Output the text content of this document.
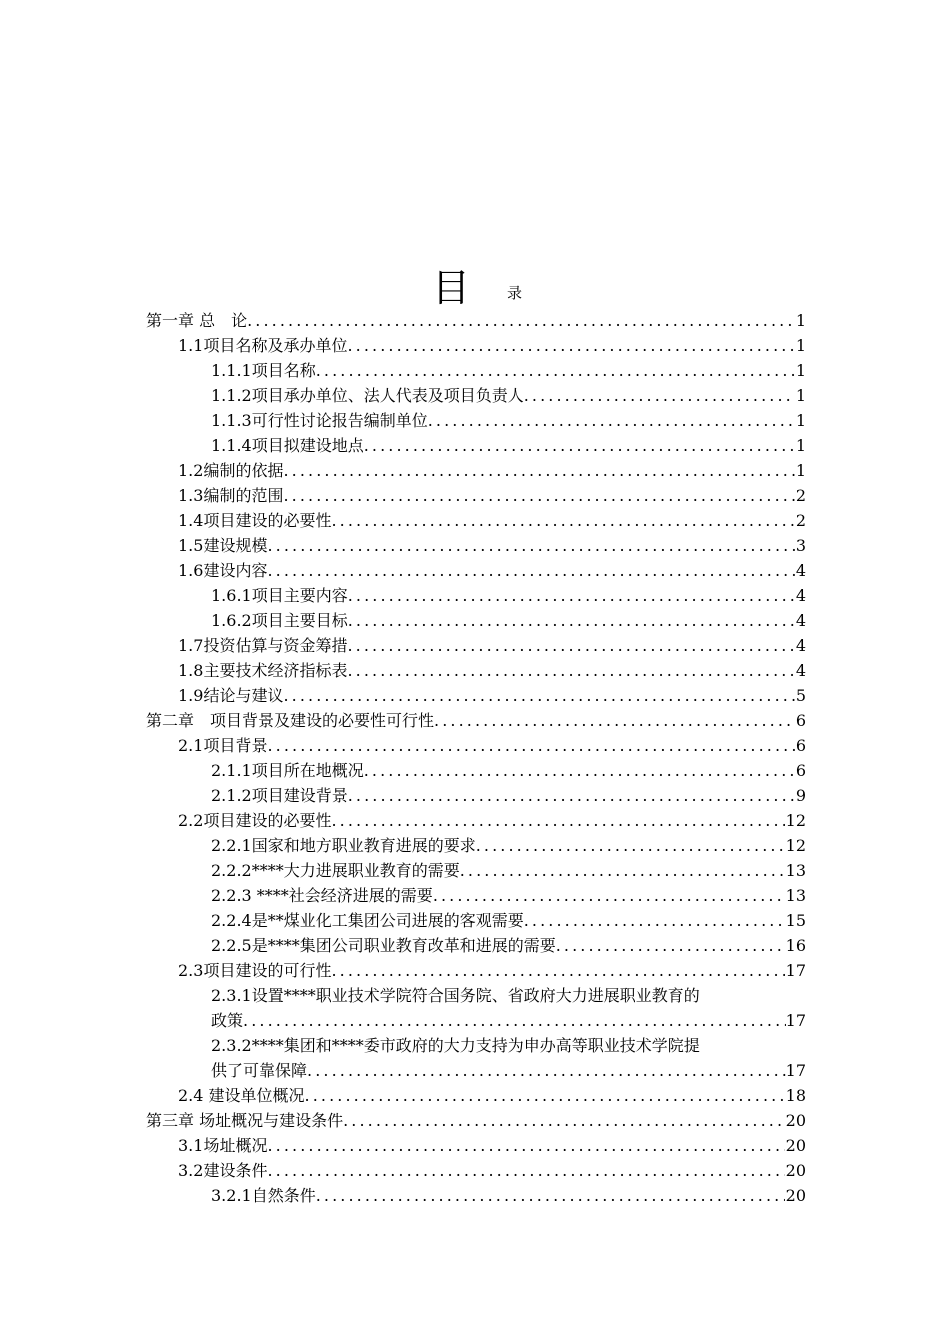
目 录
第一章 总　论 .....	1
1.1项目名称及承办单位 .....	1
1.1.1项目名称 .....	1
1.1.2项目承办单位、法人代表及项目负责人 .....	1
1.1.3可行性讨论报告编制单位 .....	1
1.1.4项目拟建设地点 .....	1
1.2编制的依据 .....	1
1.3编制的范围 .....	2
1.4项目建设的必要性 .....	2
1.5建设规模 .....	3
1.6建设内容 .....	4
1.6.1项目主要内容 .....	4
1.6.2项目主要目标 .....	4
1.7投资估算与资金筹措 .....	4
1.8主要技术经济指标表 .....	4
1.9结论与建议 .....	5
第二章　项目背景及建设的必要性可行性 .....	6
2.1项目背景 .....	6
2.1.1项目所在地概况 .....	6
2.1.2项目建设背景 .....	9
2.2项目建设的必要性 .....	12
2.2.1国家和地方职业教育进展的要求 .....	12
2.2.2****大力进展职业教育的需要 .....	13
2.2.3 ****社会经济进展的需要 .....	13
2.2.4是**煤业化工集团公司进展的客观需要 .....	15
2.2.5是****集团公司职业教育改革和进展的需要 .....	16
2.3项目建设的可行性 .....	17
2.3.1设置****职业技术学院符合国务院、省政府大力进展职业教育的
政策 .....	17
2.3.2****集团和****委市政府的大力支持为申办高等职业技术学院提
供了可靠保障 .....	17
2.4 建设单位概况 .....	18
第三章 场址概况与建设条件 .....	20
3.1场址概况 .....	20
3.2建设条件 .....	20
3.2.1自然条件 .....	20
